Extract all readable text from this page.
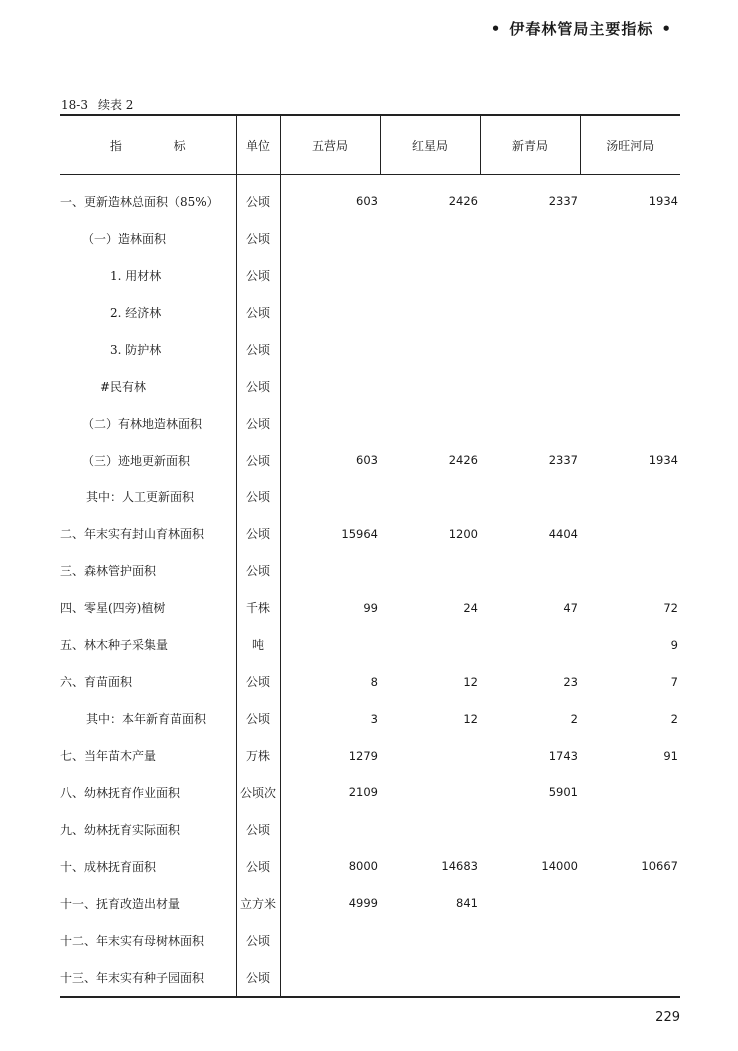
• 伊春林管局主要指标 •
18-3 续表 2
指 标	单位	五营局	红星局	新青局	汤旺河局
一、更新造林总面积（85%）	公顷	603	2426	2337	1934
（一）造林面积	公顷				
1. 用材林	公顷				
2. 经济林	公顷				
3. 防护林	公顷				
#民有林	公顷				
（二）有林地造林面积	公顷				
（三）迹地更新面积	公顷	603	2426	2337	1934
其中：人工更新面积	公顷				
二、年末实有封山育林面积	公顷	15964	1200	4404	
三、森林管护面积	公顷				
四、零星(四旁)植树	千株	99	24	47	72
五、林木种子采集量	吨				9
六、育苗面积	公顷	8	12	23	7
其中：本年新育苗面积	公顷	3	12	2	2
七、当年苗木产量	万株	1279		1743	91
八、幼林抚育作业面积	公顷次	2109		5901	
九、幼林抚育实际面积	公顷				
十、成林抚育面积	公顷	8000	14683	14000	10667
十一、抚育改造出材量	立方米	4999	841		
十二、年末实有母树林面积	公顷				
十三、年末实有种子园面积	公顷				
229
